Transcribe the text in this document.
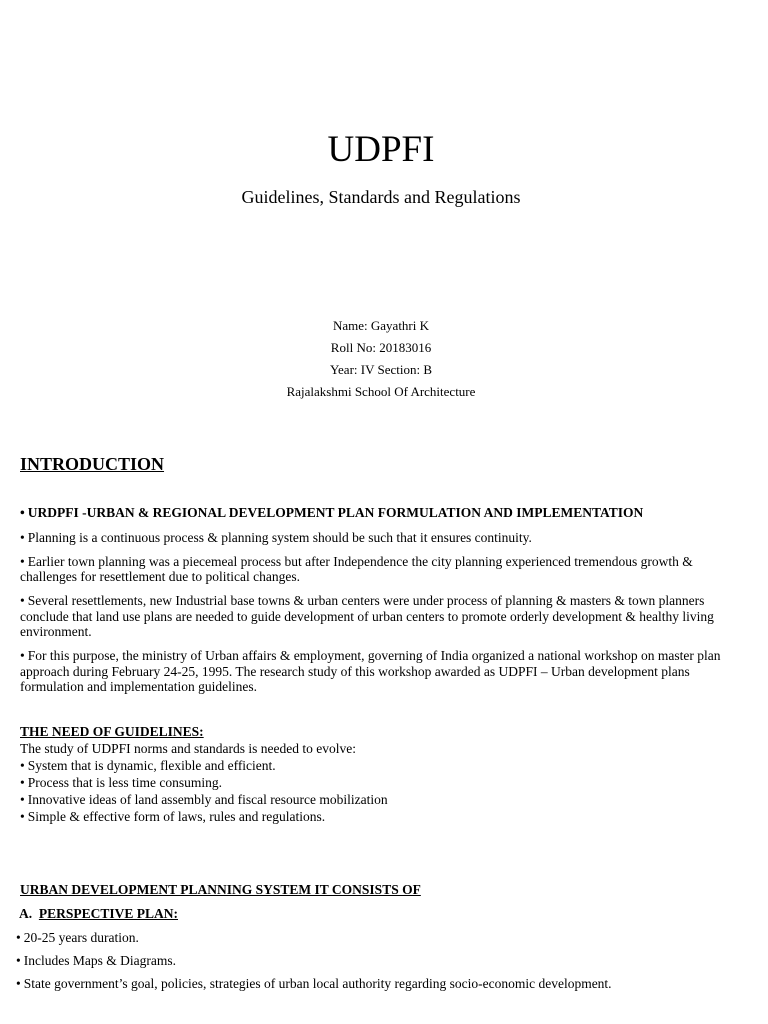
UDPFI
Guidelines, Standards and Regulations
Name: Gayathri K
Roll No: 20183016
Year: IV Section: B
Rajalakshmi School Of Architecture
INTRODUCTION
• URDPFI -URBAN & REGIONAL DEVELOPMENT PLAN FORMULATION AND IMPLEMENTATION
• Planning is a continuous process & planning system should be such that it ensures continuity.
• Earlier town planning was a piecemeal process but after Independence the city planning experienced tremendous growth & challenges for resettlement due to political changes.
• Several resettlements, new Industrial base towns & urban centers were under process of planning & masters & town planners conclude that land use plans are needed to guide development of urban centers to promote orderly development & healthy living environment.
• For this purpose, the ministry of Urban affairs & employment, governing of India organized a national workshop on master plan approach during February 24-25, 1995. The research study of this workshop awarded as UDPFI – Urban development plans formulation and implementation guidelines.
THE NEED OF GUIDELINES:
The study of UDPFI norms and standards is needed to evolve:
• System that is dynamic, flexible and efficient.
• Process that is less time consuming.
• Innovative ideas of land assembly and fiscal resource mobilization
• Simple & effective form of laws, rules and regulations.
URBAN DEVELOPMENT PLANNING SYSTEM IT CONSISTS OF
A. PERSPECTIVE PLAN:
• 20-25 years duration.
• Includes Maps & Diagrams.
• State government’s goal, policies, strategies of urban local authority regarding socio-economic development.
